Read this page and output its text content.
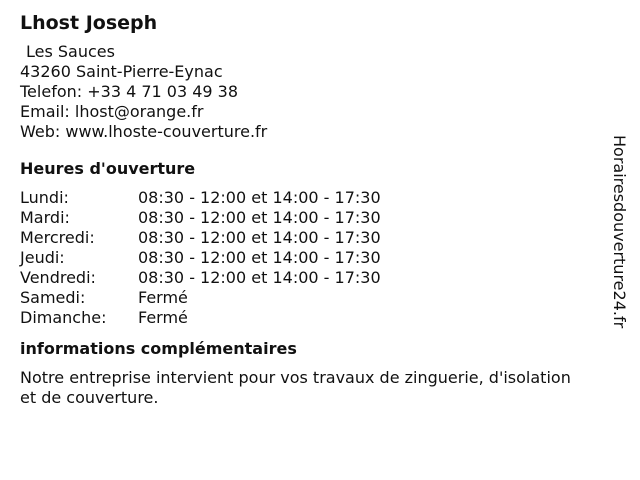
Lhost Joseph
Les Sauces
43260 Saint-Pierre-Eynac
Telefon: +33 4 71 03 49 38
Email: lhost@orange.fr
Web: www.lhoste-couverture.fr
Heures d'ouverture
Lundi:	08:30 - 12:00 et 14:00 - 17:30
Mardi:	08:30 - 12:00 et 14:00 - 17:30
Mercredi:	08:30 - 12:00 et 14:00 - 17:30
Jeudi:	08:30 - 12:00 et 14:00 - 17:30
Vendredi:	08:30 - 12:00 et 14:00 - 17:30
Samedi:	Fermé
Dimanche:	Fermé
informations complémentaires
Notre entreprise intervient pour vos travaux de zinguerie, d'isolation et de couverture.
Horairesdouverture24.fr
